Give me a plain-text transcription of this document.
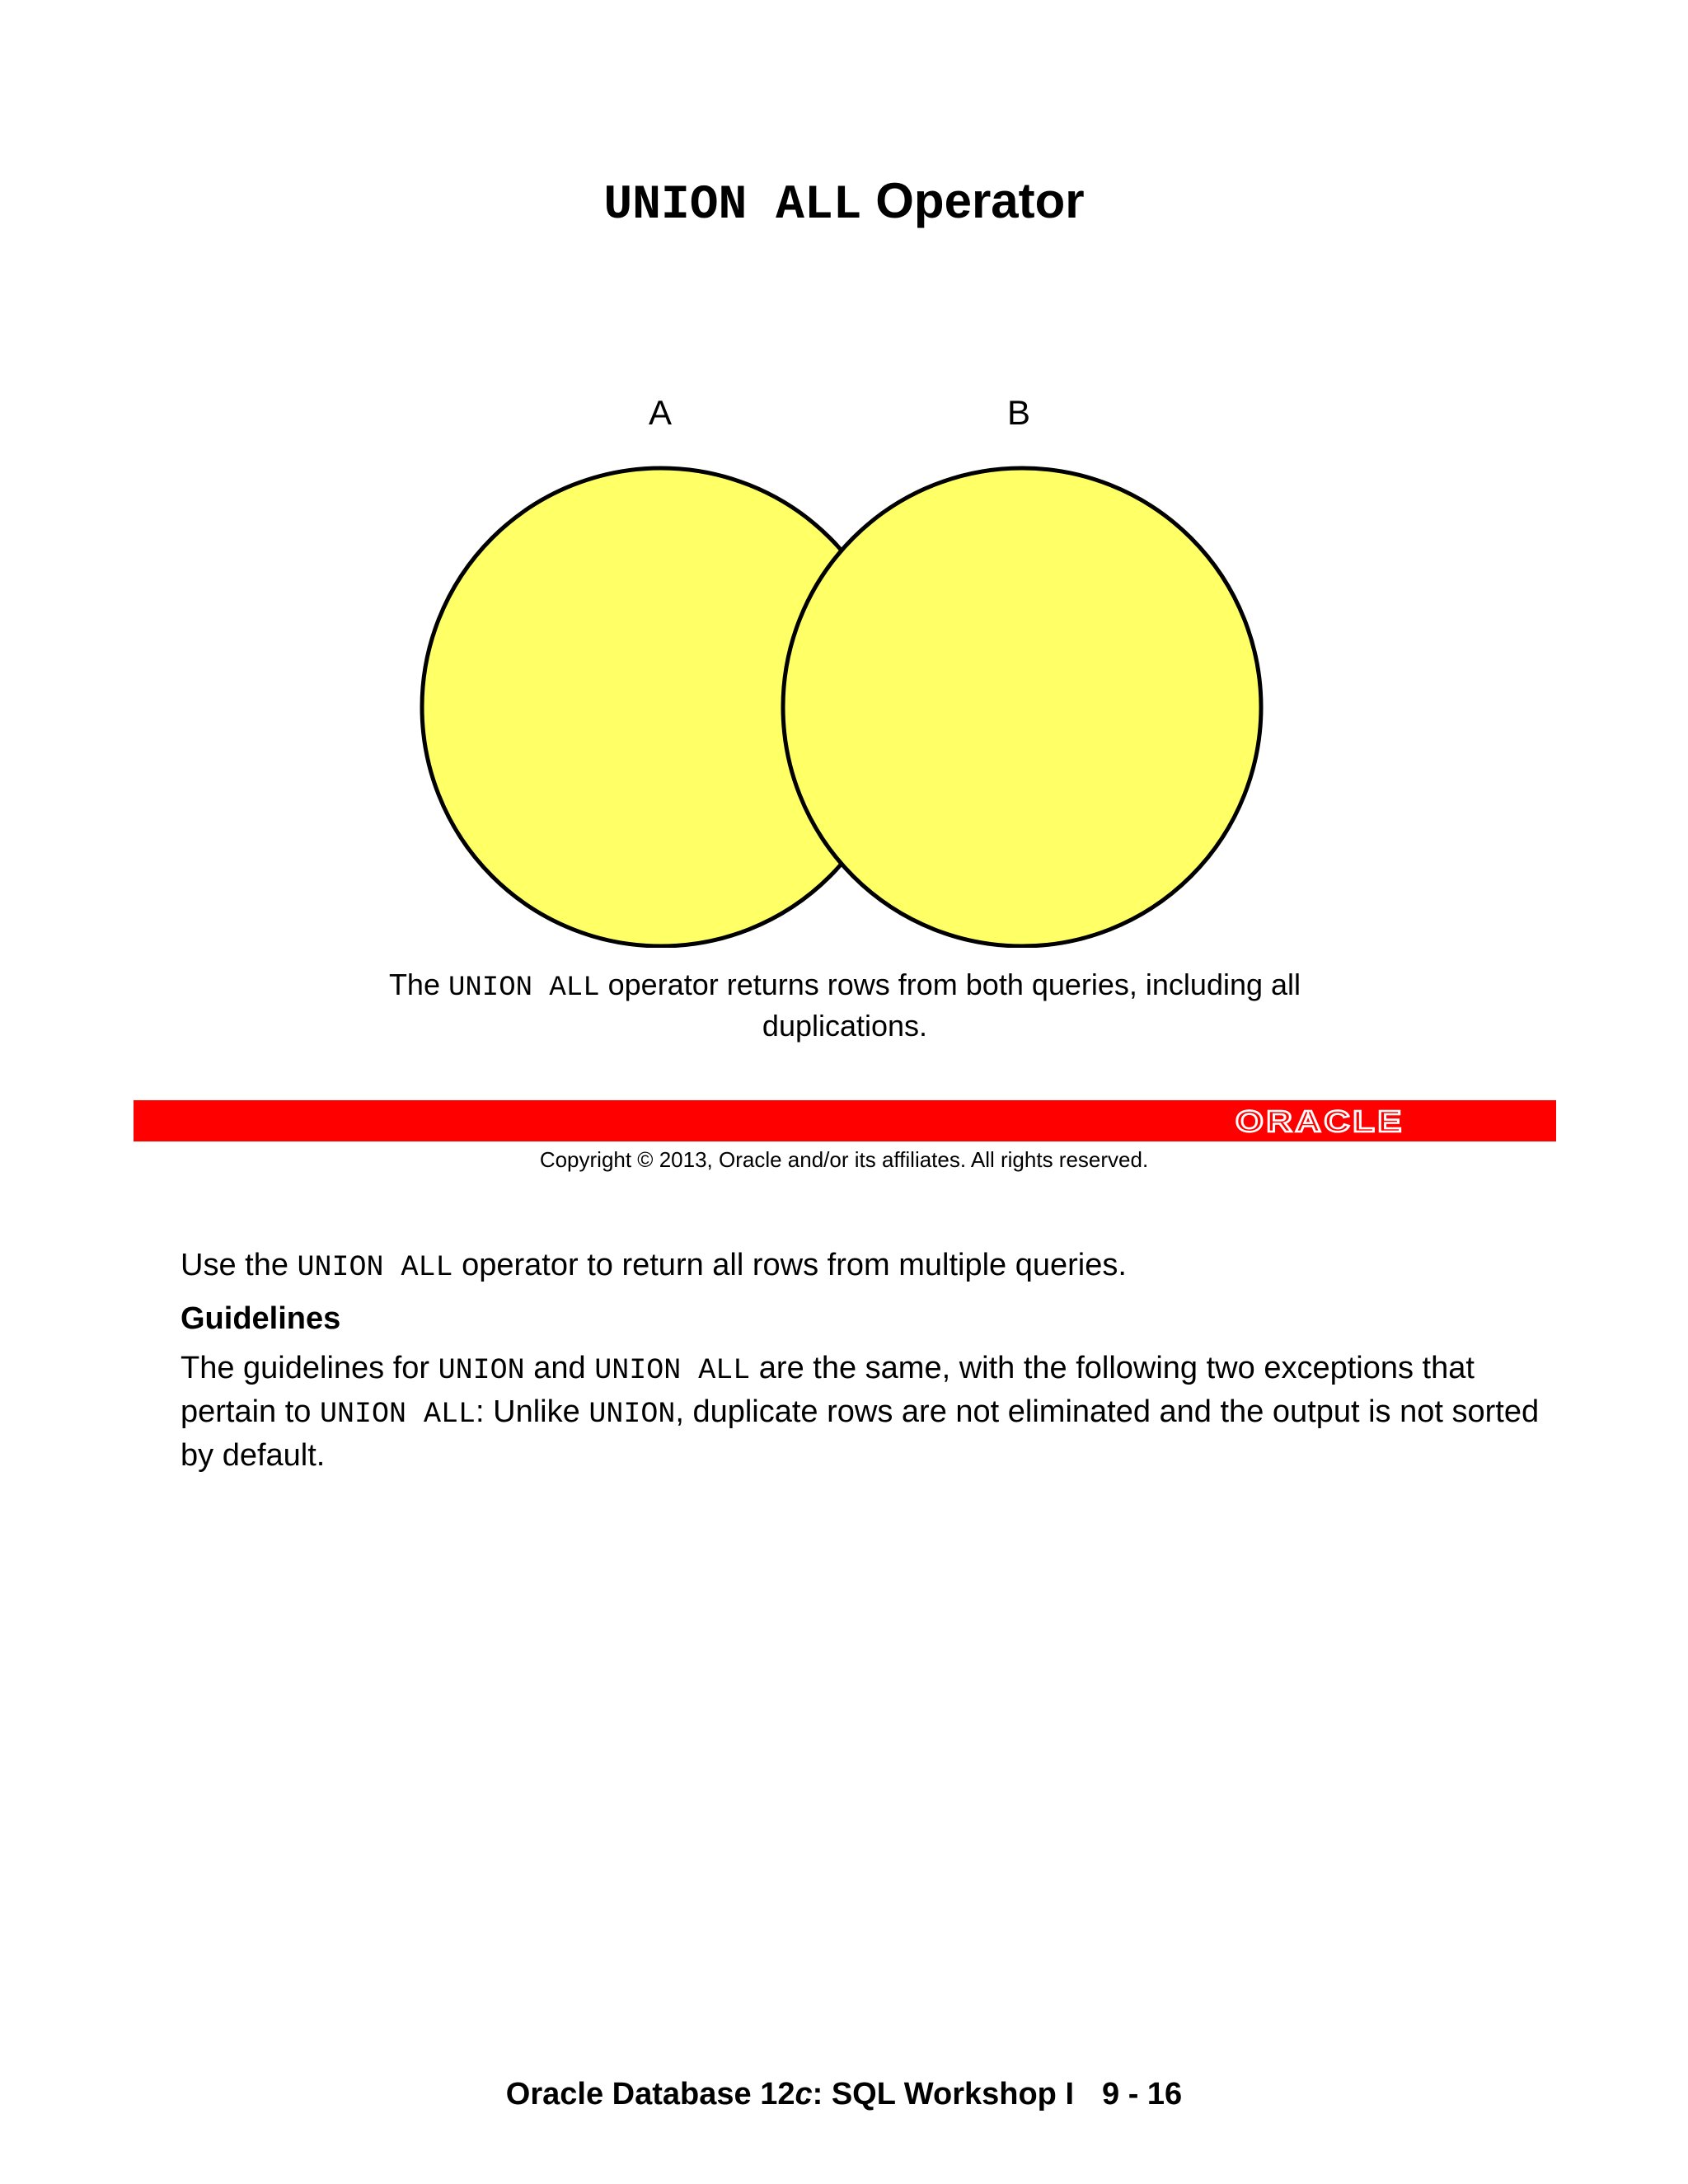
UNION ALL Operator
A	B
The UNION ALL operator returns rows from both queries, including all duplications.
ORACLE
Copyright © 2013, Oracle and/or its affiliates. All rights reserved.

Use the UNION ALL operator to return all rows from multiple queries.

Guidelines

The guidelines for UNION and UNION ALL are the same, with the following two exceptions that pertain to UNION ALL: Unlike UNION, duplicate rows are not eliminated and the output is not sorted by default.

Oracle Database 12c: SQL Workshop I 9 - 16
